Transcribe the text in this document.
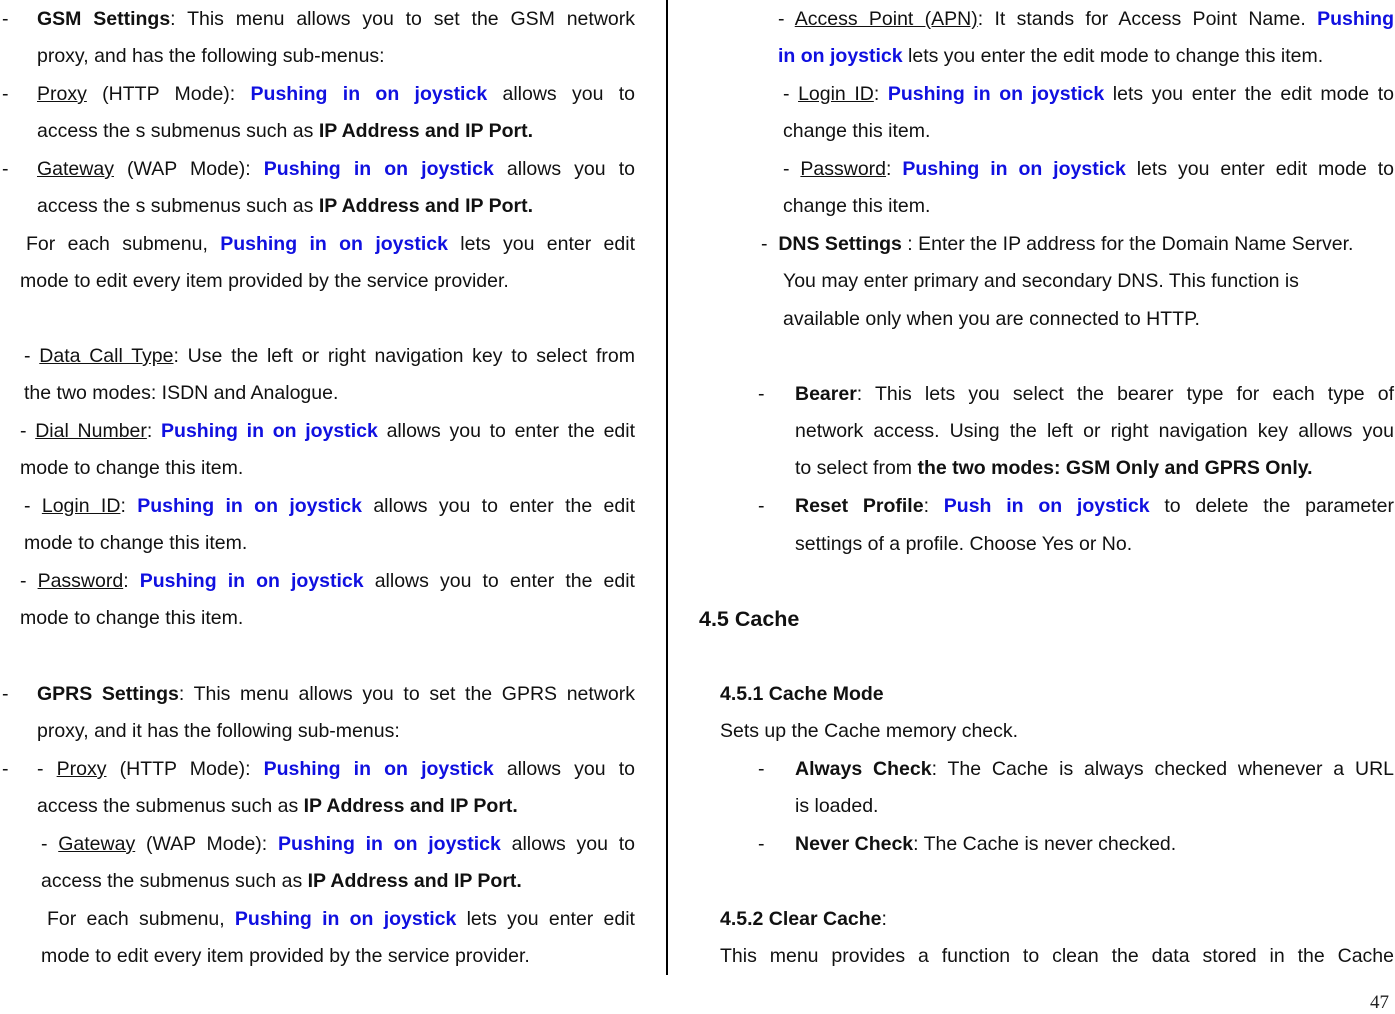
- GSM Settings: This menu allows you to set the GSM network
proxy, and has the following sub-menus:
- Proxy (HTTP Mode): Pushing in on joystick allows you to
access the s submenus such as IP Address and IP Port.
- Gateway (WAP Mode): Pushing in on joystick allows you to
access the s submenus such as IP Address and IP Port.
For each submenu, Pushing in on joystick lets you enter edit
mode to edit every item provided by the service provider.
- Data Call Type: Use the left or right navigation key to select from
the two modes: ISDN and Analogue.
- Dial Number: Pushing in on joystick allows you to enter the edit
mode to change this item.
- Login ID: Pushing in on joystick allows you to enter the edit
mode to change this item.
- Password: Pushing in on joystick allows you to enter the edit
mode to change this item.
- GPRS Settings: This menu allows you to set the GPRS network
proxy, and it has the following sub-menus:
- - Proxy (HTTP Mode): Pushing in on joystick allows you to
access the submenus such as IP Address and IP Port.
- Gateway (WAP Mode): Pushing in on joystick allows you to
access the submenus such as IP Address and IP Port.
For each submenu, Pushing in on joystick lets you enter edit
mode to edit every item provided by the service provider.
- Access Point (APN): It stands for Access Point Name. Pushing
in on joystick lets you enter the edit mode to change this item.
- Login ID: Pushing in on joystick lets you enter the edit mode to
change this item.
- Password: Pushing in on joystick lets you enter edit mode to
change this item.
-  DNS Settings : Enter the IP address for the Domain Name Server.
You may enter primary and secondary DNS. This function is
available only when you are connected to HTTP.
- Bearer: This lets you select the bearer type for each type of
network access. Using the left or right navigation key allows you
to select from the two modes: GSM Only and GPRS Only.
- Reset Profile: Push in on joystick to delete the parameter
settings of a profile. Choose Yes or No.
4.5 Cache
4.5.1 Cache Mode
Sets up the Cache memory check.
- Always Check: The Cache is always checked whenever a URL
is loaded.
- Never Check: The Cache is never checked.
4.5.2 Clear Cache:
This menu provides a function to clean the data stored in the Cache
47
